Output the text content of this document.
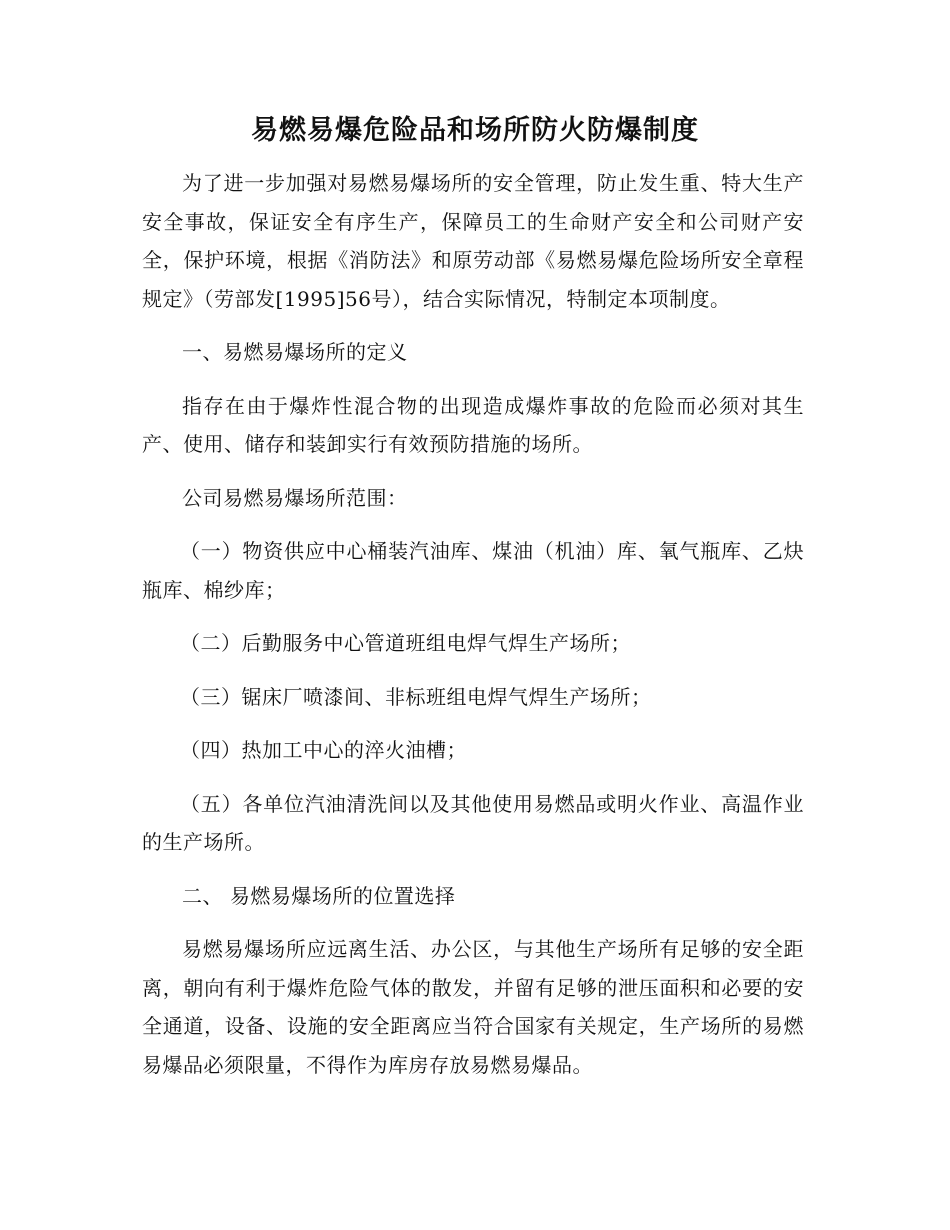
易燃易爆危险品和场所防火防爆制度

为了进一步加强对易燃易爆场所的安全管理，防止发生重、特大生产安全事故，保证安全有序生产，保障员工的生命财产安全和公司财产安全，保护环境，根据《消防法》和原劳动部《易燃易爆危险场所安全章程规定》（劳部发[1995]56号），结合实际情况，特制定本项制度。

一、易燃易爆场所的定义

指存在由于爆炸性混合物的出现造成爆炸事故的危险而必须对其生产、使用、储存和装卸实行有效预防措施的场所。

公司易燃易爆场所范围：

（一）物资供应中心桶装汽油库、煤油（机油）库、氧气瓶库、乙炔瓶库、棉纱库；

（二）后勤服务中心管道班组电焊气焊生产场所；

（三）锯床厂喷漆间、非标班组电焊气焊生产场所；

（四）热加工中心的淬火油槽；

（五）各单位汽油清洗间以及其他使用易燃品或明火作业、高温作业的生产场所。

二、 易燃易爆场所的位置选择

易燃易爆场所应远离生活、办公区，与其他生产场所有足够的安全距离，朝向有利于爆炸危险气体的散发，并留有足够的泄压面积和必要的安全通道，设备、设施的安全距离应当符合国家有关规定，生产场所的易燃易爆品必须限量，不得作为库房存放易燃易爆品。
